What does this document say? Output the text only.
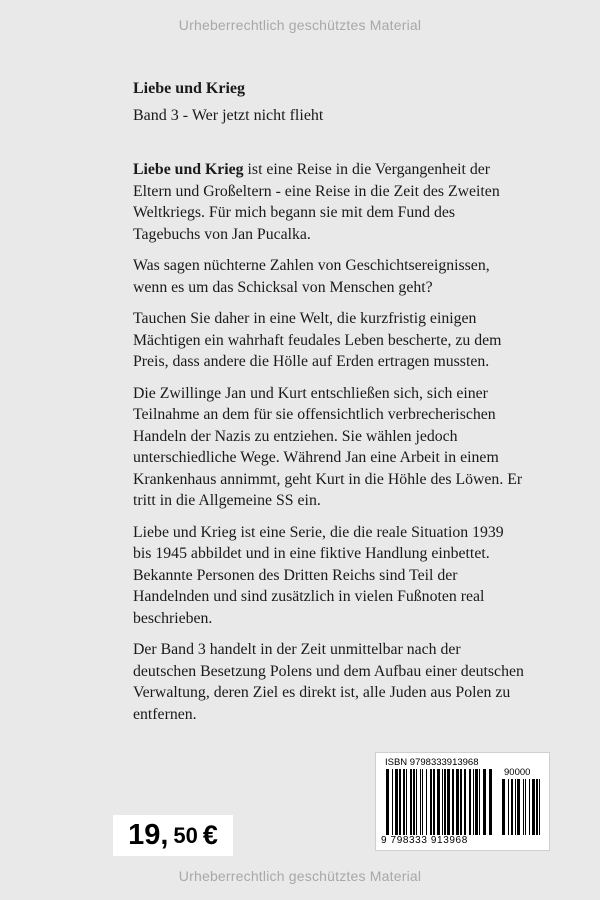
Urheberrechtlich geschütztes Material
Liebe und Krieg
Band 3 - Wer jetzt nicht flieht

Liebe und Krieg ist eine Reise in die Vergangenheit der Eltern und Großeltern - eine Reise in die Zeit des Zweiten Weltkriegs. Für mich begann sie mit dem Fund des Tagebuchs von Jan Pucalka.

Was sagen nüchterne Zahlen von Geschichtsereignissen, wenn es um das Schicksal von Menschen geht?

Tauchen Sie daher in eine Welt, die kurzfristig einigen Mächtigen ein wahrhaft feudales Leben bescherte, zu dem Preis, dass andere die Hölle auf Erden ertragen mussten.

Die Zwillinge Jan und Kurt entschließen sich, sich einer Teilnahme an dem für sie offensichtlich verbrecherischen Handeln der Nazis zu entziehen. Sie wählen jedoch unterschiedliche Wege. Während Jan eine Arbeit in einem Krankenhaus annimmt, geht Kurt in die Höhle des Löwen. Er tritt in die Allgemeine SS ein.

Liebe und Krieg ist eine Serie, die die reale Situation 1939 bis 1945 abbildet und in eine fiktive Handlung einbettet. Bekannte Personen des Dritten Reichs sind Teil der Handelnden und sind zusätzlich in vielen Fußnoten real beschrieben.

Der Band 3 handelt in der Zeit unmittelbar nach der deutschen Besetzung Polens und dem Aufbau einer deutschen Verwaltung, deren Ziel es direkt ist, alle Juden aus Polen zu entfernen.

19, 50 €
ISBN 9798333913968
90000
9 798333 913968
Urheberrechtlich geschütztes Material
